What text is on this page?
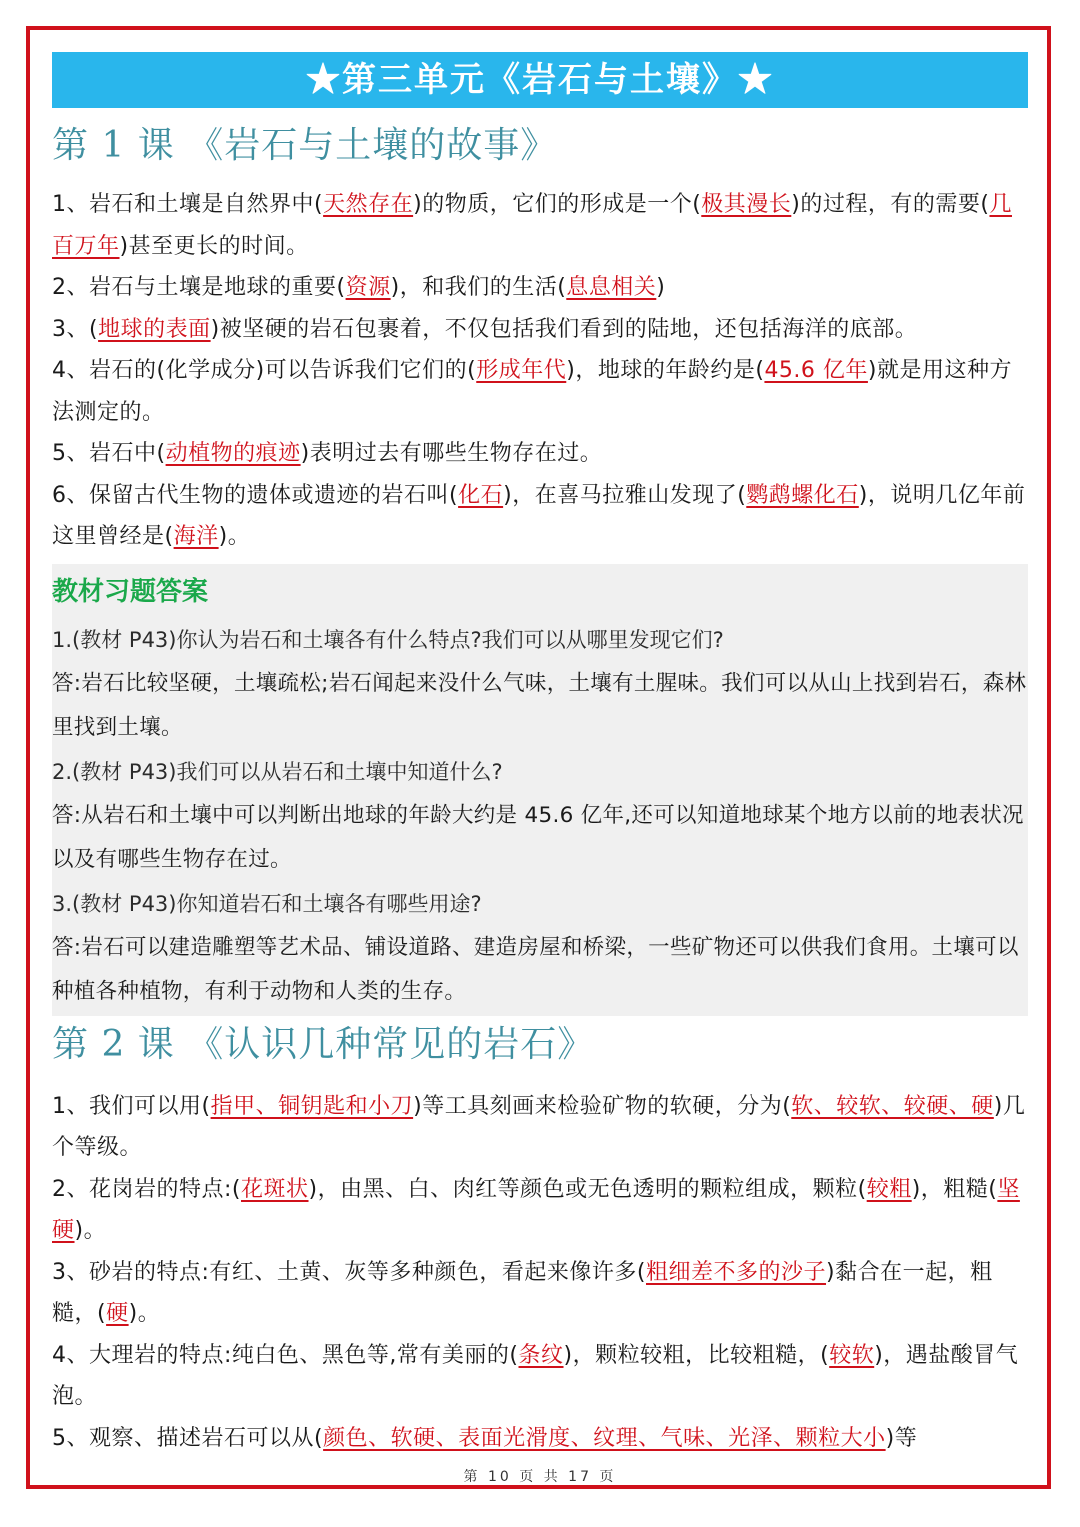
★第三单元《岩石与土壤》★
第 1 课 《岩石与土壤的故事》
1、岩石和土壤是自然界中(天然存在)的物质，它们的形成是一个(极其漫长)的过程，有的需要(几百万年)甚至更长的时间。
2、岩石与土壤是地球的重要(资源)，和我们的生活(息息相关)
3、(地球的表面)被坚硬的岩石包裹着，不仅包括我们看到的陆地，还包括海洋的底部。
4、岩石的(化学成分)可以告诉我们它们的(形成年代)，地球的年龄约是(45.6 亿年)就是用这种方法测定的。
5、岩石中(动植物的痕迹)表明过去有哪些生物存在过。
6、保留古代生物的遗体或遗迹的岩石叫(化石)，在喜马拉雅山发现了(鹦鹉螺化石)，说明几亿年前这里曾经是(海洋)。
教材习题答案
1.(教材 P43)你认为岩石和土壤各有什么特点?我们可以从哪里发现它们?
答:岩石比较坚硬，土壤疏松;岩石闻起来没什么气味，土壤有土腥味。我们可以从山上找到岩石，森林里找到土壤。
2.(教材 P43)我们可以从岩石和土壤中知道什么?
答:从岩石和土壤中可以判断出地球的年龄大约是 45.6 亿年,还可以知道地球某个地方以前的地表状况以及有哪些生物存在过。
3.(教材 P43)你知道岩石和土壤各有哪些用途?
答:岩石可以建造雕塑等艺术品、铺设道路、建造房屋和桥梁，一些矿物还可以供我们食用。土壤可以种植各种植物，有利于动物和人类的生存。
第 2 课 《认识几种常见的岩石》
1、我们可以用(指甲、铜钥匙和小刀)等工具刻画来检验矿物的软硬，分为(软、较软、较硬、硬)几个等级。
2、花岗岩的特点:(花斑状)，由黑、白、肉红等颜色或无色透明的颗粒组成，颗粒(较粗)，粗糙(坚硬)。
3、砂岩的特点:有红、土黄、灰等多种颜色，看起来像许多(粗细差不多的沙子)黏合在一起，粗糙，(硬)。
4、大理岩的特点:纯白色、黑色等,常有美丽的(条纹)，颗粒较粗，比较粗糙，(较软)，遇盐酸冒气泡。
5、观察、描述岩石可以从(颜色、软硬、表面光滑度、纹理、气味、光泽、颗粒大小)等
第 10 页 共 17 页
